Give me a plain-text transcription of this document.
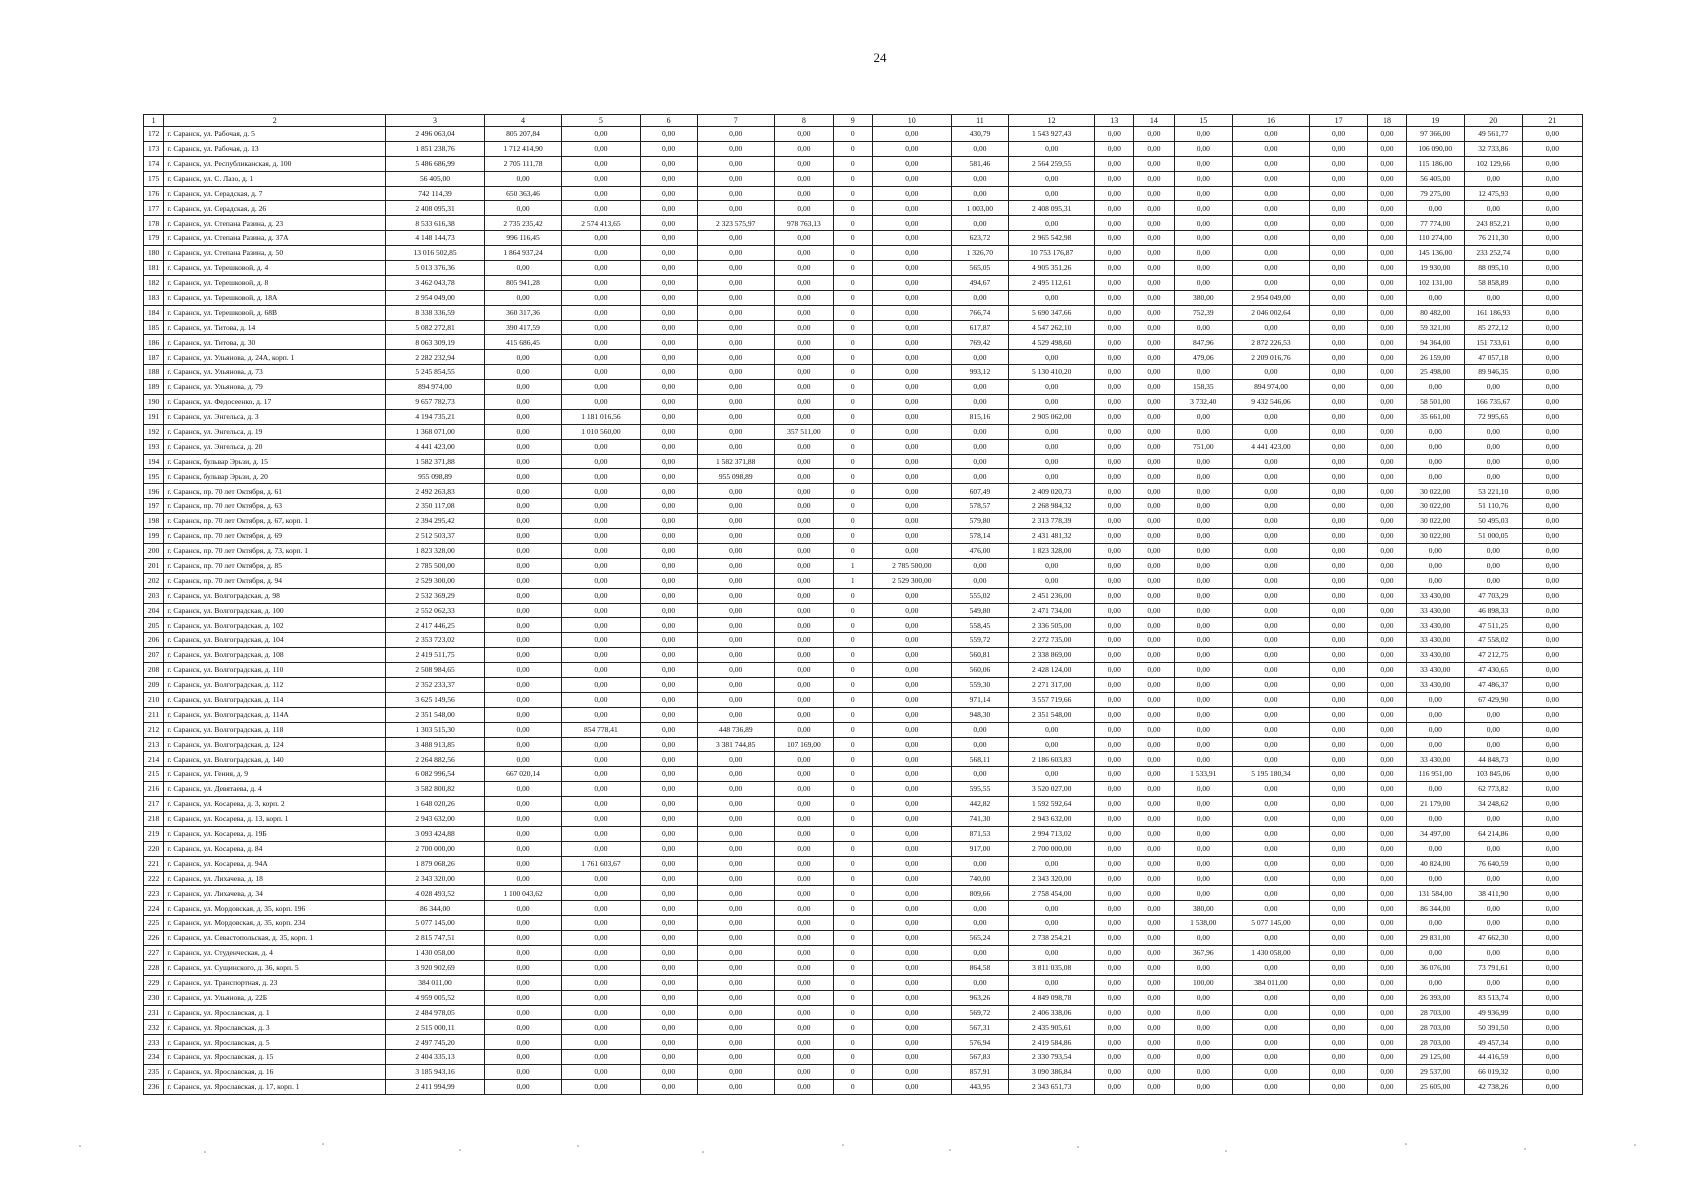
24
1	2	3	4	5	6	7	8	9	10	11	12	13	14	15	16	17	18	19	20	21
172	г. Саранск, ул. Рабочая, д. 5	2 496 063,04	805 207,84	0,00	0,00	0,00	0,00	0	0,00	430,79	1 543 927,43	0,00	0,00	0,00	0,00	0,00	0,00	97 366,00	49 561,77	0,00
173	г. Саранск, ул. Рабочая, д. 13	1 851 238,76	1 712 414,90	0,00	0,00	0,00	0,00	0	0,00	0,00	0,00	0,00	0,00	0,00	0,00	0,00	0,00	106 090,00	32 733,86	0,00
174	г. Саранск, ул. Республиканская, д. 100	5 486 686,99	2 705 111,78	0,00	0,00	0,00	0,00	0	0,00	581,46	2 564 259,55	0,00	0,00	0,00	0,00	0,00	0,00	115 186,00	102 129,66	0,00
175	г. Саранск, ул. С. Лазо, д. 1	56 405,00	0,00	0,00	0,00	0,00	0,00	0	0,00	0,00	0,00	0,00	0,00	0,00	0,00	0,00	0,00	56 405,00	0,00	0,00
176	г. Саранск, ул. Серадская, д. 7	742 114,39	650 363,46	0,00	0,00	0,00	0,00	0	0,00	0,00	0,00	0,00	0,00	0,00	0,00	0,00	0,00	79 275,00	12 475,93	0,00
177	г. Саранск, ул. Серадская, д. 26	2 408 095,31	0,00	0,00	0,00	0,00	0,00	0	0,00	1 003,00	2 408 095,31	0,00	0,00	0,00	0,00	0,00	0,00	0,00	0,00	0,00
178	г. Саранск, ул. Степана Разина, д. 23	8 533 616,38	2 735 235,42	2 574 413,65	0,00	2 323 575,97	978 763,13	0	0,00	0,00	0,00	0,00	0,00	0,00	0,00	0,00	0,00	77 774,00	243 852,21	0,00
179	г. Саранск, ул. Степана Разина, д. 37А	4 148 144,73	996 116,45	0,00	0,00	0,00	0,00	0	0,00	623,72	2 965 542,98	0,00	0,00	0,00	0,00	0,00	0,00	110 274,00	76 211,30	0,00
180	г. Саранск, ул. Степана Разина, д. 50	13 016 502,85	1 864 937,24	0,00	0,00	0,00	0,00	0	0,00	1 326,70	10 753 176,87	0,00	0,00	0,00	0,00	0,00	0,00	145 136,00	233 252,74	0,00
181	г. Саранск, ул. Терешковой, д. 4	5 013 376,36	0,00	0,00	0,00	0,00	0,00	0	0,00	565,05	4 905 351,26	0,00	0,00	0,00	0,00	0,00	0,00	19 930,00	88 095,10	0,00
182	г. Саранск, ул. Терешковой, д. 8	3 462 043,78	805 941,28	0,00	0,00	0,00	0,00	0	0,00	494,67	2 495 112,61	0,00	0,00	0,00	0,00	0,00	0,00	102 131,00	58 858,89	0,00
183	г. Саранск, ул. Терешковой, д. 18А	2 954 049,00	0,00	0,00	0,00	0,00	0,00	0	0,00	0,00	0,00	0,00	0,00	380,00	2 954 049,00	0,00	0,00	0,00	0,00	0,00
184	г. Саранск, ул. Терешковой, д. 68В	8 338 336,59	360 317,36	0,00	0,00	0,00	0,00	0	0,00	766,74	5 690 347,66	0,00	0,00	752,39	2 046 002,64	0,00	0,00	80 482,00	161 186,93	0,00
185	г. Саранск, ул. Титова, д. 14	5 082 272,81	390 417,59	0,00	0,00	0,00	0,00	0	0,00	617,87	4 547 262,10	0,00	0,00	0,00	0,00	0,00	0,00	59 321,00	85 272,12	0,00
186	г. Саранск, ул. Титова, д. 30	8 063 309,19	415 686,45	0,00	0,00	0,00	0,00	0	0,00	769,42	4 529 498,60	0,00	0,00	847,96	2 872 226,53	0,00	0,00	94 364,00	151 733,61	0,00
187	г. Саранск, ул. Ульянова, д. 24А, корп. 1	2 282 232,94	0,00	0,00	0,00	0,00	0,00	0	0,00	0,00	0,00	0,00	0,00	479,06	2 209 016,76	0,00	0,00	26 159,00	47 057,18	0,00
188	г. Саранск, ул. Ульянова, д. 73	5 245 854,55	0,00	0,00	0,00	0,00	0,00	0	0,00	993,12	5 130 410,20	0,00	0,00	0,00	0,00	0,00	0,00	25 498,00	89 946,35	0,00
189	г. Саранск, ул. Ульянова, д. 79	894 974,00	0,00	0,00	0,00	0,00	0,00	0	0,00	0,00	0,00	0,00	0,00	158,35	894 974,00	0,00	0,00	0,00	0,00	0,00
190	г. Саранск, ул. Федосеенко, д. 17	9 657 782,73	0,00	0,00	0,00	0,00	0,00	0	0,00	0,00	0,00	0,00	0,00	3 732,40	9 432 546,06	0,00	0,00	58 501,00	166 735,67	0,00
191	г. Саранск, ул. Энгельса, д. 3	4 194 735,21	0,00	1 181 016,56	0,00	0,00	0,00	0	0,00	815,16	2 905 062,00	0,00	0,00	0,00	0,00	0,00	0,00	35 661,00	72 995,65	0,00
192	г. Саранск, ул. Энгельса, д. 19	1 368 071,00	0,00	1 010 560,00	0,00	0,00	357 511,00	0	0,00	0,00	0,00	0,00	0,00	0,00	0,00	0,00	0,00	0,00	0,00	0,00
193	г. Саранск, ул. Энгельса, д. 20	4 441 423,00	0,00	0,00	0,00	0,00	0,00	0	0,00	0,00	0,00	0,00	0,00	751,00	4 441 423,00	0,00	0,00	0,00	0,00	0,00
194	г. Саранск, бульвар Эрьзи, д. 15	1 582 371,88	0,00	0,00	0,00	1 582 371,88	0,00	0	0,00	0,00	0,00	0,00	0,00	0,00	0,00	0,00	0,00	0,00	0,00	0,00
195	г. Саранск, бульвар Эрьзи, д. 20	955 098,89	0,00	0,00	0,00	955 098,89	0,00	0	0,00	0,00	0,00	0,00	0,00	0,00	0,00	0,00	0,00	0,00	0,00	0,00
196	г. Саранск, пр. 70 лет Октября, д. 61	2 492 263,83	0,00	0,00	0,00	0,00	0,00	0	0,00	607,49	2 409 020,73	0,00	0,00	0,00	0,00	0,00	0,00	30 022,00	53 221,10	0,00
197	г. Саранск, пр. 70 лет Октября, д. 63	2 350 117,08	0,00	0,00	0,00	0,00	0,00	0	0,00	578,57	2 268 984,32	0,00	0,00	0,00	0,00	0,00	0,00	30 022,00	51 110,76	0,00
198	г. Саранск, пр. 70 лет Октября, д. 67, корп. 1	2 394 295,42	0,00	0,00	0,00	0,00	0,00	0	0,00	579,80	2 313 778,39	0,00	0,00	0,00	0,00	0,00	0,00	30 022,00	50 495,03	0,00
199	г. Саранск, пр. 70 лет Октября, д. 69	2 512 503,37	0,00	0,00	0,00	0,00	0,00	0	0,00	578,14	2 431 481,32	0,00	0,00	0,00	0,00	0,00	0,00	30 022,00	51 000,05	0,00
200	г. Саранск, пр. 70 лет Октября, д. 73, корп. 1	1 823 328,00	0,00	0,00	0,00	0,00	0,00	0	0,00	476,00	1 823 328,00	0,00	0,00	0,00	0,00	0,00	0,00	0,00	0,00	0,00
201	г. Саранск, пр. 70 лет Октября, д. 85	2 785 500,00	0,00	0,00	0,00	0,00	0,00	1	2 785 500,00	0,00	0,00	0,00	0,00	0,00	0,00	0,00	0,00	0,00	0,00	0,00
202	г. Саранск, пр. 70 лет Октября, д. 94	2 529 300,00	0,00	0,00	0,00	0,00	0,00	1	2 529 300,00	0,00	0,00	0,00	0,00	0,00	0,00	0,00	0,00	0,00	0,00	0,00
203	г. Саранск, ул. Волгоградская, д. 98	2 532 369,29	0,00	0,00	0,00	0,00	0,00	0	0,00	555,02	2 451 236,00	0,00	0,00	0,00	0,00	0,00	0,00	33 430,00	47 703,29	0,00
204	г. Саранск, ул. Волгоградская, д. 100	2 552 062,33	0,00	0,00	0,00	0,00	0,00	0	0,00	549,80	2 471 734,00	0,00	0,00	0,00	0,00	0,00	0,00	33 430,00	46 898,33	0,00
205	г. Саранск, ул. Волгоградская, д. 102	2 417 446,25	0,00	0,00	0,00	0,00	0,00	0	0,00	558,45	2 336 505,00	0,00	0,00	0,00	0,00	0,00	0,00	33 430,00	47 511,25	0,00
206	г. Саранск, ул. Волгоградская, д. 104	2 353 723,02	0,00	0,00	0,00	0,00	0,00	0	0,00	559,72	2 272 735,00	0,00	0,00	0,00	0,00	0,00	0,00	33 430,00	47 558,02	0,00
207	г. Саранск, ул. Волгоградская, д. 108	2 419 511,75	0,00	0,00	0,00	0,00	0,00	0	0,00	560,81	2 338 869,00	0,00	0,00	0,00	0,00	0,00	0,00	33 430,00	47 212,75	0,00
208	г. Саранск, ул. Волгоградская, д. 110	2 508 984,65	0,00	0,00	0,00	0,00	0,00	0	0,00	560,06	2 428 124,00	0,00	0,00	0,00	0,00	0,00	0,00	33 430,00	47 430,65	0,00
209	г. Саранск, ул. Волгоградская, д. 112	2 352 233,37	0,00	0,00	0,00	0,00	0,00	0	0,00	559,30	2 271 317,00	0,00	0,00	0,00	0,00	0,00	0,00	33 430,00	47 486,37	0,00
210	г. Саранск, ул. Волгоградская, д. 114	3 625 149,56	0,00	0,00	0,00	0,00	0,00	0	0,00	971,14	3 557 719,66	0,00	0,00	0,00	0,00	0,00	0,00	0,00	67 429,90	0,00
211	г. Саранск, ул. Волгоградская, д. 114А	2 351 548,00	0,00	0,00	0,00	0,00	0,00	0	0,00	948,30	2 351 548,00	0,00	0,00	0,00	0,00	0,00	0,00	0,00	0,00	0,00
212	г. Саранск, ул. Волгоградская, д. 118	1 303 515,30	0,00	854 778,41	0,00	448 736,89	0,00	0	0,00	0,00	0,00	0,00	0,00	0,00	0,00	0,00	0,00	0,00	0,00	0,00
213	г. Саранск, ул. Волгоградская, д. 124	3 488 913,85	0,00	0,00	0,00	3 381 744,85	107 169,00	0	0,00	0,00	0,00	0,00	0,00	0,00	0,00	0,00	0,00	0,00	0,00	0,00
214	г. Саранск, ул. Волгоградская, д. 140	2 264 882,56	0,00	0,00	0,00	0,00	0,00	0	0,00	568,11	2 186 603,83	0,00	0,00	0,00	0,00	0,00	0,00	33 430,00	44 848,73	0,00
215	г. Саранск, ул. Гения, д. 9	6 082 996,54	667 020,14	0,00	0,00	0,00	0,00	0	0,00	0,00	0,00	0,00	0,00	1 533,91	5 195 180,34	0,00	0,00	116 951,00	103 845,06	0,00
216	г. Саранск, ул. Девятаева, д. 4	3 582 800,82	0,00	0,00	0,00	0,00	0,00	0	0,00	595,55	3 520 027,00	0,00	0,00	0,00	0,00	0,00	0,00	0,00	62 773,82	0,00
217	г. Саранск, ул. Косарева, д. 3, корп. 2	1 648 020,26	0,00	0,00	0,00	0,00	0,00	0	0,00	442,82	1 592 592,64	0,00	0,00	0,00	0,00	0,00	0,00	21 179,00	34 248,62	0,00
218	г. Саранск, ул. Косарева, д. 13, корп. 1	2 943 632,00	0,00	0,00	0,00	0,00	0,00	0	0,00	741,30	2 943 632,00	0,00	0,00	0,00	0,00	0,00	0,00	0,00	0,00	0,00
219	г. Саранск, ул. Косарева, д. 19Б	3 093 424,88	0,00	0,00	0,00	0,00	0,00	0	0,00	871,53	2 994 713,02	0,00	0,00	0,00	0,00	0,00	0,00	34 497,00	64 214,86	0,00
220	г. Саранск, ул. Косарева, д. 84	2 700 000,00	0,00	0,00	0,00	0,00	0,00	0	0,00	917,00	2 700 000,00	0,00	0,00	0,00	0,00	0,00	0,00	0,00	0,00	0,00
221	г. Саранск, ул. Косарева, д. 94А	1 879 068,26	0,00	1 761 603,67	0,00	0,00	0,00	0	0,00	0,00	0,00	0,00	0,00	0,00	0,00	0,00	0,00	40 824,00	76 640,59	0,00
222	г. Саранск, ул. Лихачева, д. 18	2 343 320,00	0,00	0,00	0,00	0,00	0,00	0	0,00	740,00	2 343 320,00	0,00	0,00	0,00	0,00	0,00	0,00	0,00	0,00	0,00
223	г. Саранск, ул. Лихачева, д. 34	4 028 493,52	1 100 043,62	0,00	0,00	0,00	0,00	0	0,00	809,66	2 758 454,00	0,00	0,00	0,00	0,00	0,00	0,00	131 584,00	38 411,90	0,00
224	г. Саранск, ул. Мордовская, д. 35, корп. 196	86 344,00	0,00	0,00	0,00	0,00	0,00	0	0,00	0,00	0,00	0,00	0,00	380,00	0,00	0,00	0,00	86 344,00	0,00	0,00
225	г. Саранск, ул. Мордовская, д. 35, корп. 234	5 077 145,00	0,00	0,00	0,00	0,00	0,00	0	0,00	0,00	0,00	0,00	0,00	1 538,00	5 077 145,00	0,00	0,00	0,00	0,00	0,00
226	г. Саранск, ул. Севастопольская, д. 35, корп. 1	2 815 747,51	0,00	0,00	0,00	0,00	0,00	0	0,00	565,24	2 738 254,21	0,00	0,00	0,00	0,00	0,00	0,00	29 831,00	47 662,30	0,00
227	г. Саранск, ул. Студенческая, д. 4	1 430 058,00	0,00	0,00	0,00	0,00	0,00	0	0,00	0,00	0,00	0,00	0,00	367,96	1 430 058,00	0,00	0,00	0,00	0,00	0,00
228	г. Саранск, ул. Сущинского, д. 36, корп. 5	3 920 902,69	0,00	0,00	0,00	0,00	0,00	0	0,00	864,58	3 811 035,08	0,00	0,00	0,00	0,00	0,00	0,00	36 076,00	73 791,61	0,00
229	г. Саранск, ул. Транспортная, д. 23	384 011,00	0,00	0,00	0,00	0,00	0,00	0	0,00	0,00	0,00	0,00	0,00	100,00	384 011,00	0,00	0,00	0,00	0,00	0,00
230	г. Саранск, ул. Ульянова, д. 22Б	4 959 005,52	0,00	0,00	0,00	0,00	0,00	0	0,00	963,26	4 849 098,78	0,00	0,00	0,00	0,00	0,00	0,00	26 393,00	83 513,74	0,00
231	г. Саранск, ул. Ярославская, д. 1	2 484 978,05	0,00	0,00	0,00	0,00	0,00	0	0,00	569,72	2 406 338,06	0,00	0,00	0,00	0,00	0,00	0,00	28 703,00	49 936,99	0,00
232	г. Саранск, ул. Ярославская, д. 3	2 515 000,11	0,00	0,00	0,00	0,00	0,00	0	0,00	567,31	2 435 905,61	0,00	0,00	0,00	0,00	0,00	0,00	28 703,00	50 391,50	0,00
233	г. Саранск, ул. Ярославская, д. 5	2 497 745,20	0,00	0,00	0,00	0,00	0,00	0	0,00	576,94	2 419 584,86	0,00	0,00	0,00	0,00	0,00	0,00	28 703,00	49 457,34	0,00
234	г. Саранск, ул. Ярославская, д. 15	2 404 335,13	0,00	0,00	0,00	0,00	0,00	0	0,00	567,83	2 330 793,54	0,00	0,00	0,00	0,00	0,00	0,00	29 125,00	44 416,59	0,00
235	г. Саранск, ул. Ярославская, д. 16	3 185 943,16	0,00	0,00	0,00	0,00	0,00	0	0,00	857,91	3 090 386,84	0,00	0,00	0,00	0,00	0,00	0,00	29 537,00	66 019,32	0,00
236	г. Саранск, ул. Ярославская, д. 17, корп. 1	2 411 994,99	0,00	0,00	0,00	0,00	0,00	0	0,00	443,95	2 343 651,73	0,00	0,00	0,00	0,00	0,00	0,00	25 605,00	42 738,26	0,00
